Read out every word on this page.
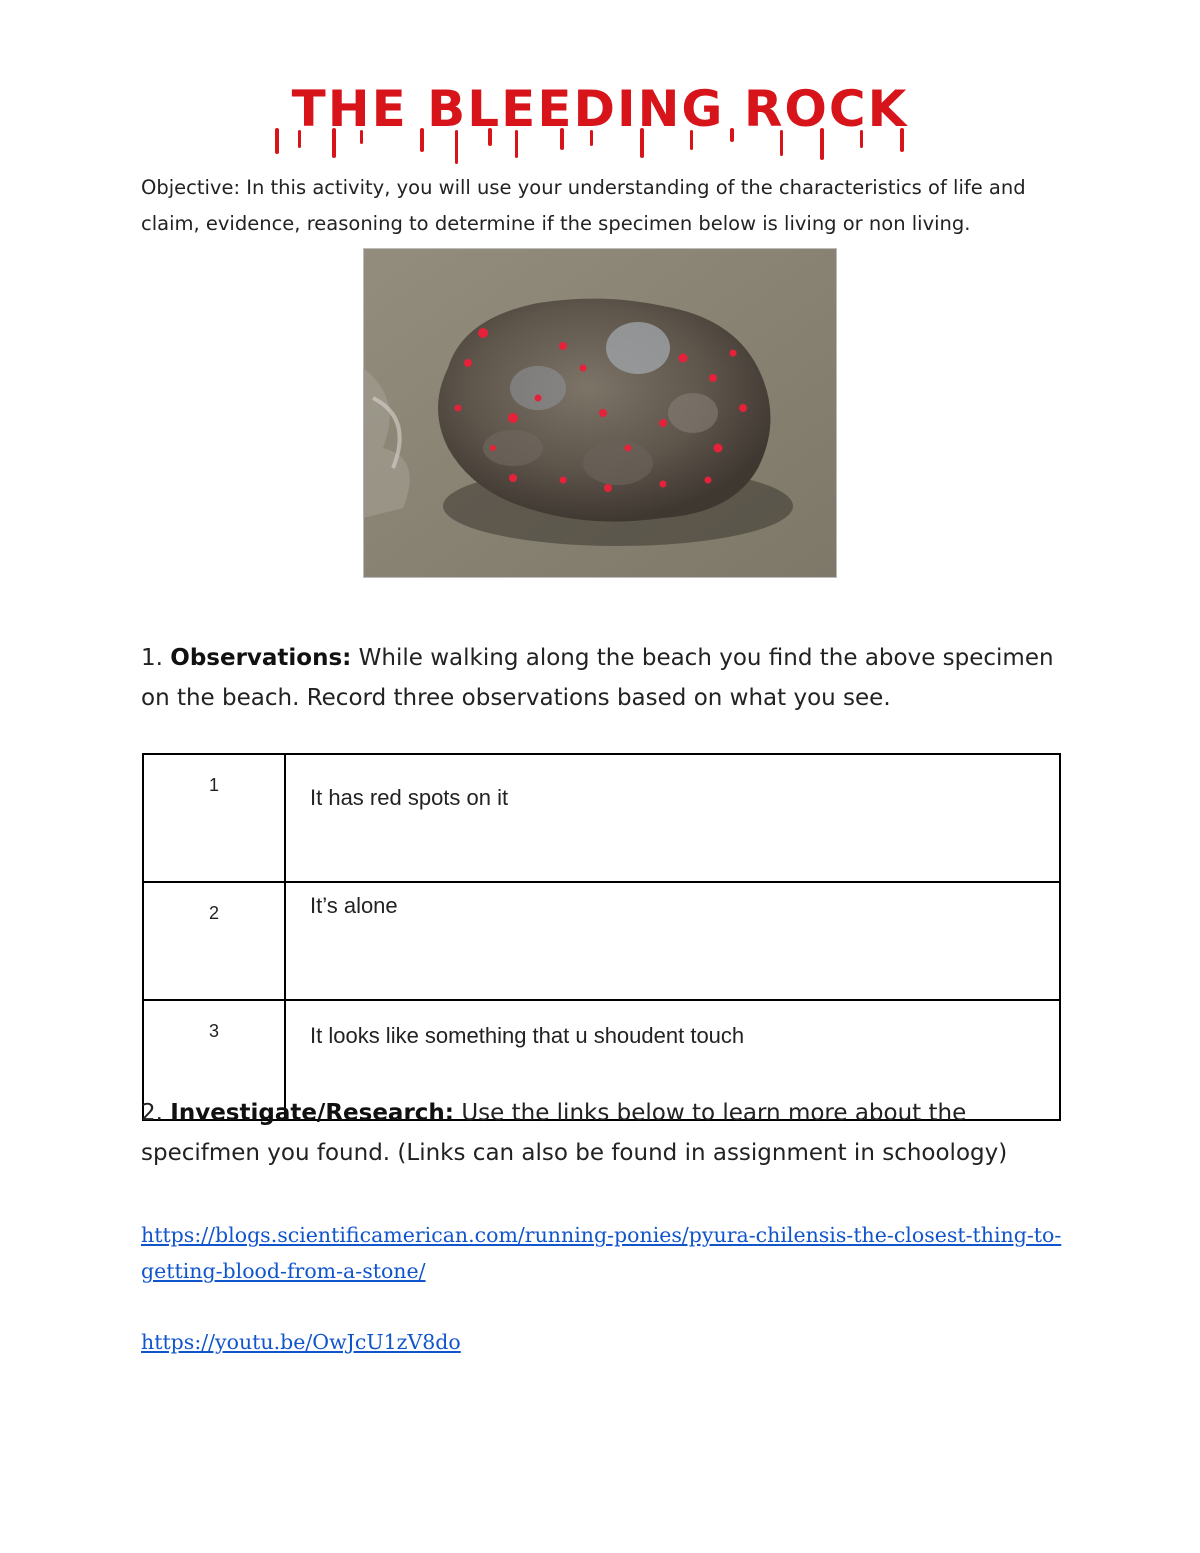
THE BLEEDING ROCK
Objective: In this activity, you will use your understanding of the characteristics of life and claim, evidence, reasoning to determine if the specimen below is living or non living.
1. Observations: While walking along the beach you find the above specimen on the beach. Record three observations based on what you see.
1	It has red spots on it
2	It’s alone
3	It looks like something that u shoudent touch
2. Investigate/Research: Use the links below to learn more about the specifmen you found. (Links can also be found in assignment in schoology)
https://blogs.scientificamerican.com/running-ponies/pyura-chilensis-the-closest-thing-to-getting-blood-from-a-stone/
https://youtu.be/OwJcU1zV8do
